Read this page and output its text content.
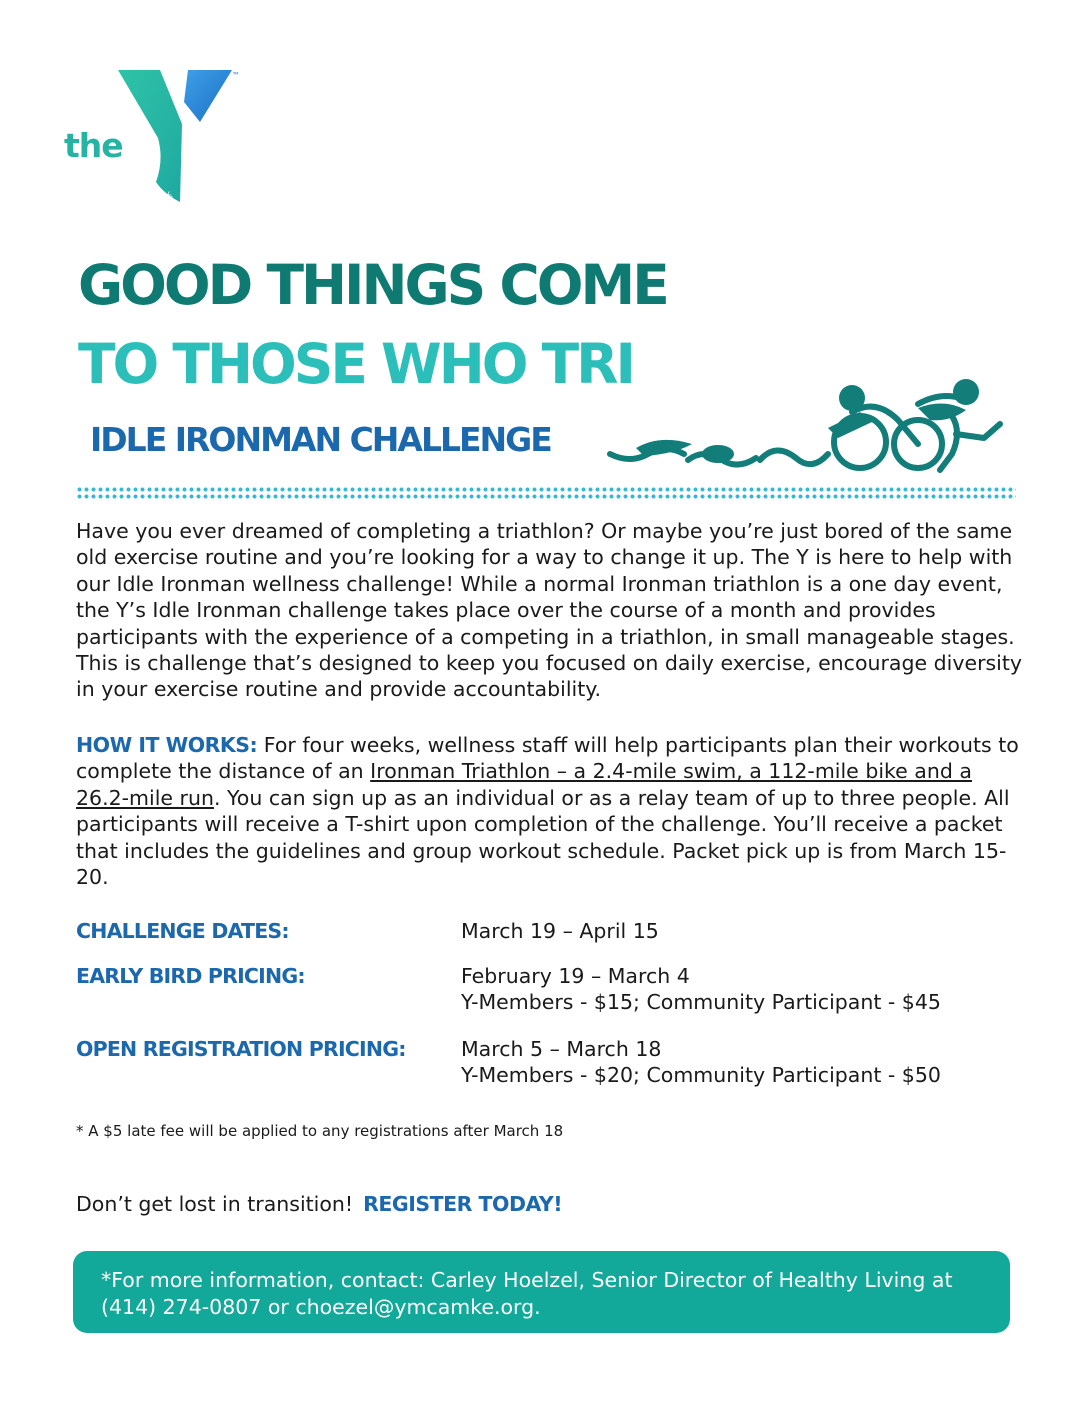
™
YMCA
the
GOOD THINGS COME
TO THOSE WHO TRI
IDLE IRONMAN CHALLENGE

Have you ever dreamed of completing a triathlon? Or maybe you’re just bored of the same old exercise routine and you’re looking for a way to change it up. The Y is here to help with our Idle Ironman wellness challenge! While a normal Ironman triathlon is a one day event, the Y’s Idle Ironman challenge takes place over the course of a month and provides participants with the experience of a competing in a triathlon, in small manageable stages. This is challenge that’s designed to keep you focused on daily exercise, encourage diversity in your exercise routine and provide accountability.

HOW IT WORKS: For four weeks, wellness staff will help participants plan their workouts to complete the distance of an Ironman Triathlon – a 2.4-mile swim, a 112-mile bike and a 26.2-mile run. You can sign up as an individual or as a relay team of up to three people. All participants will receive a T-shirt upon completion of the challenge. You’ll receive a packet that includes the guidelines and group workout schedule. Packet pick up is from March 15-20.

CHALLENGE DATES:	March 19 – April 15
EARLY BIRD PRICING:	February 19 – March 4
Y-Members - $15; Community Participant - $45
OPEN REGISTRATION PRICING:	March 5 – March 18
Y-Members - $20; Community Participant - $50

* A $5 late fee will be applied to any registrations after March 18

Don’t get lost in transition! REGISTER TODAY!

*For more information, contact: Carley Hoelzel, Senior Director of Healthy Living at (414) 274-0807 or choezel@ymcamke.org.
